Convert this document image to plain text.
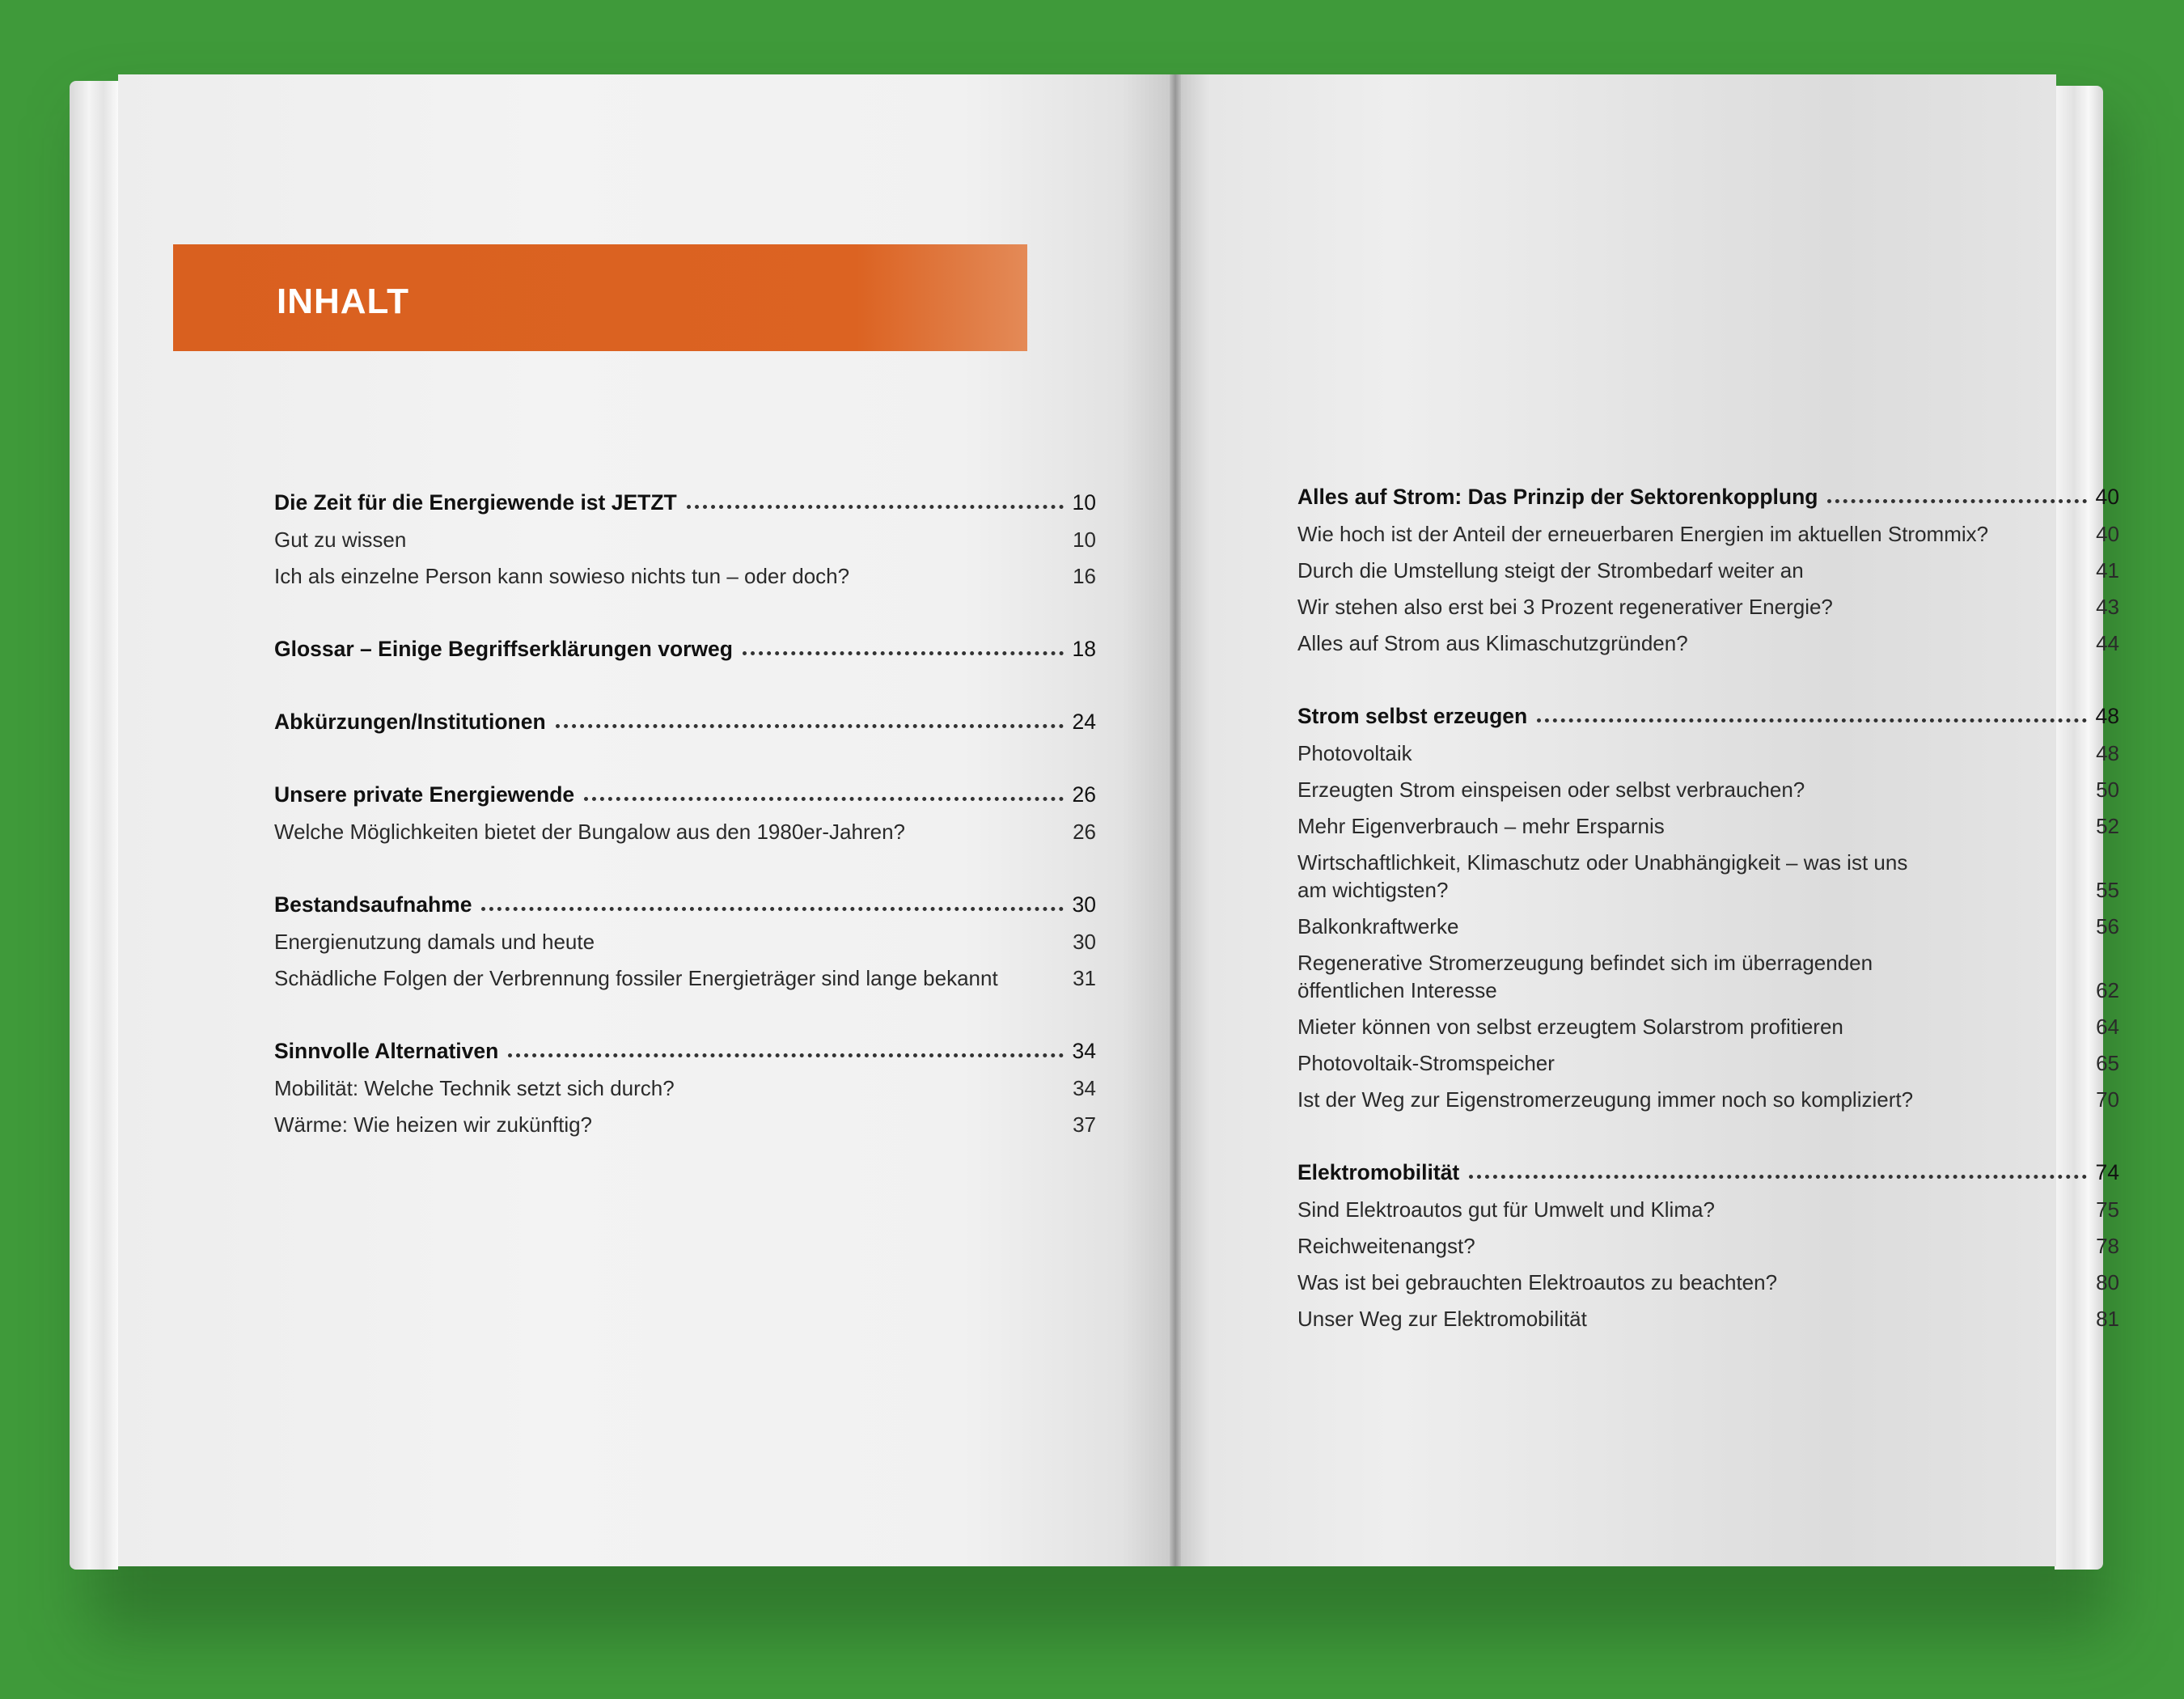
INHALT
Die Zeit für die Energiewende ist JETZT	10
Gut zu wissen	10
Ich als einzelne Person kann sowieso nichts tun – oder doch?	16
Glossar – Einige Begriffserklärungen vorweg	18
Abkürzungen/Institutionen	24
Unsere private Energiewende	26
Welche Möglichkeiten bietet der Bungalow aus den 1980er-Jahren?	26
Bestandsaufnahme	30
Energienutzung damals und heute	30
Schädliche Folgen der Verbrennung fossiler Energieträger sind lange bekannt	31
Sinnvolle Alternativen	34
Mobilität: Welche Technik setzt sich durch?	34
Wärme: Wie heizen wir zukünftig?	37
Alles auf Strom: Das Prinzip der Sektorenkopplung	40
Wie hoch ist der Anteil der erneuerbaren Energien im aktuellen Strommix?	40
Durch die Umstellung steigt der Strombedarf weiter an	41
Wir stehen also erst bei 3 Prozent regenerativer Energie?	43
Alles auf Strom aus Klimaschutzgründen?	44
Strom selbst erzeugen	48
Photovoltaik	48
Erzeugten Strom einspeisen oder selbst verbrauchen?	50
Mehr Eigenverbrauch – mehr Ersparnis	52
Wirtschaftlichkeit, Klimaschutz oder Unabhängigkeit – was ist uns am wichtigsten?	55
Balkonkraftwerke	56
Regenerative Stromerzeugung befindet sich im überragenden öffentlichen Interesse	62
Mieter können von selbst erzeugtem Solarstrom profitieren	64
Photovoltaik-Stromspeicher	65
Ist der Weg zur Eigenstromerzeugung immer noch so kompliziert?	70
Elektromobilität	74
Sind Elektroautos gut für Umwelt und Klima?	75
Reichweitenangst?	78
Was ist bei gebrauchten Elektroautos zu beachten?	80
Unser Weg zur Elektromobilität	81
